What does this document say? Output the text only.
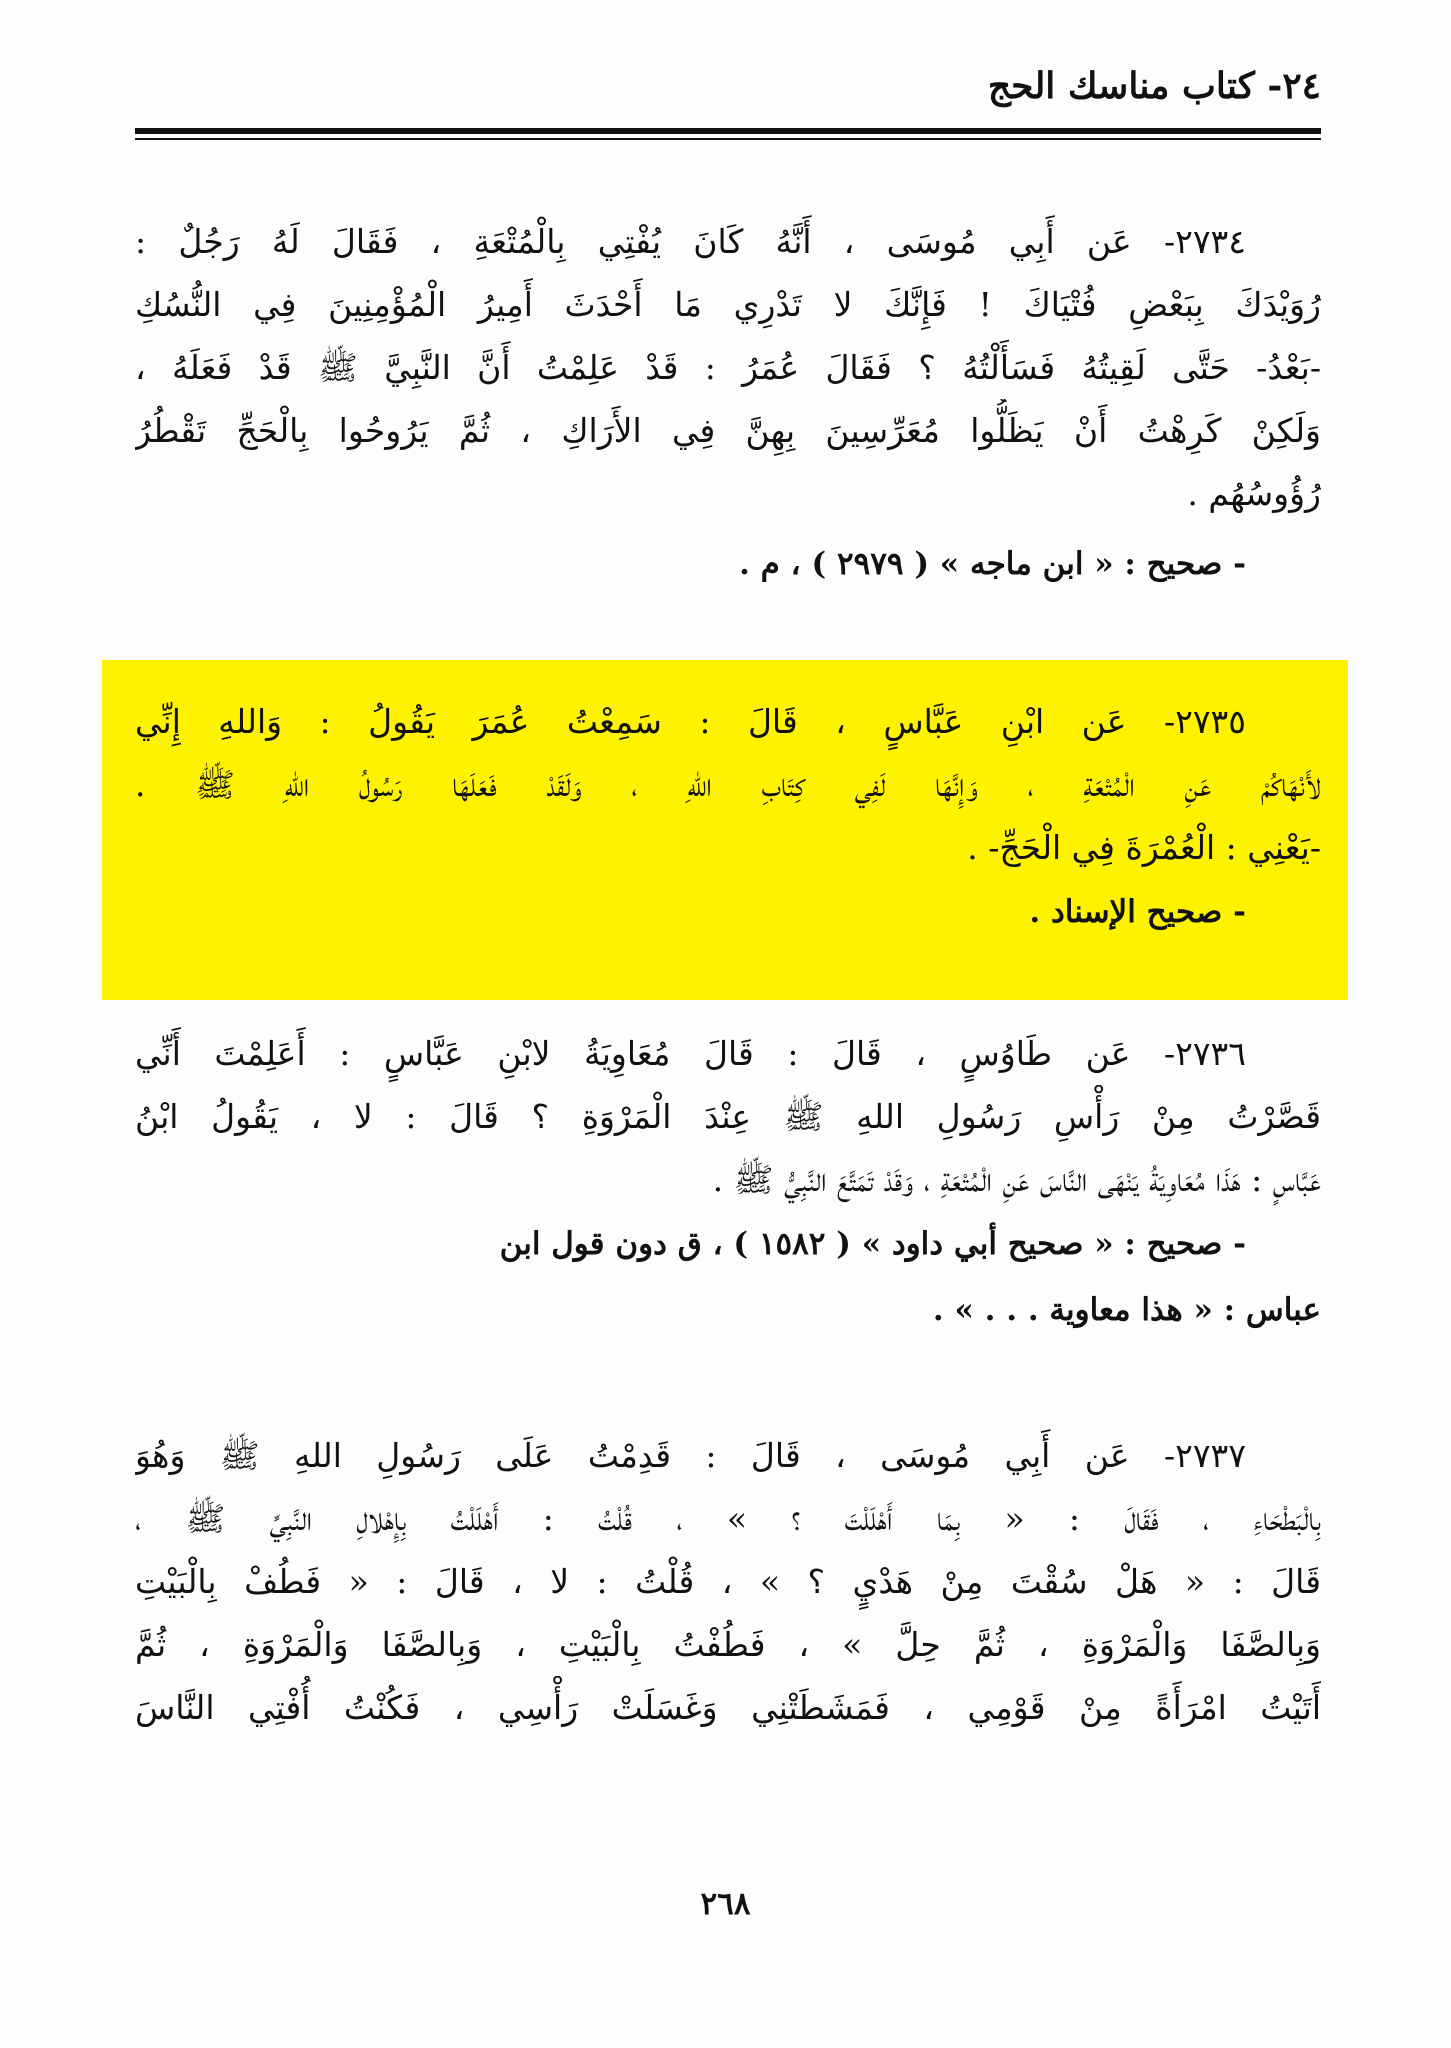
٢٤- كتاب مناسك الحج
٢٧٣٤- عَن أَبِي مُوسَى ، أَنَّهُ كَانَ يُفْتِي بِالْمُتْعَةِ ، فَقَالَ لَهُ رَجُلٌ :
رُوَيْدَكَ بِبَعْضِ فُتْيَاكَ ! فَإِنَّكَ لا تَدْرِي مَا أَحْدَثَ أَمِيرُ الْمُؤْمِنِينَ فِي النُّسُكِ
-بَعْدُ- حَتَّى لَقِيتُهُ فَسَأَلْتُهُ ؟ فَقَالَ عُمَرُ : قَدْ عَلِمْتُ أَنَّ النَّبِيَّ ﷺ قَدْ فَعَلَهُ ،
وَلَكِنْ كَرِهْتُ أَنْ يَظَلُّوا مُعَرِّسِينَ بِهِنَّ فِي الأَرَاكِ ، ثُمَّ يَرُوحُوا بِالْحَجِّ تَقْطُرُ
رُؤُوسُهُم .
- صحيح : « ابن ماجه » ( ٢٩٧٩ ) ، م .
٢٧٣٥- عَن ابْنِ عَبَّاسٍ ، قَالَ : سَمِعْتُ عُمَرَ يَقُولُ : وَاللهِ إِنِّي
لأَنْهَاكُمْ عَنِ الْمُتْعَةِ ، وَإِنَّهَا لَفِي كِتَابِ اللهِ ، وَلَقَدْ فَعَلَهَا رَسُولُ اللهِ ﷺ .
-يَعْنِي : الْعُمْرَةَ فِي الْحَجِّ- .
- صحيح الإسناد .
٢٧٣٦- عَن طَاوُسٍ ، قَالَ : قَالَ مُعَاوِيَةُ لابْنِ عَبَّاسٍ : أَعَلِمْتَ أَنِّي
قَصَّرْتُ مِنْ رَأْسِ رَسُولِ اللهِ ﷺ عِنْدَ الْمَرْوَةِ ؟ قَالَ : لا ، يَقُولُ ابْنُ
عَبَّاسٍ : هَذَا مُعَاوِيَةُ يَنْهَى النَّاسَ عَنِ الْمُتْعَةِ ، وَقَدْ تَمَتَّعَ النَّبِيُّ ﷺ .
- صحيح : « صحيح أبي داود » ( ١٥٨٢ ) ، ق دون قول ابن
عباس : « هذا معاوية . . . » .
٢٧٣٧- عَن أَبِي مُوسَى ، قَالَ : قَدِمْتُ عَلَى رَسُولِ اللهِ ﷺ وَهُوَ
بِالْبَطْحَاءِ ، فَقَالَ : « بِمَا أَهْلَلْتَ ؟ » ، قُلْتُ : أَهْلَلْتُ بِإِهْلالِ النَّبِيِّ ﷺ ،
قَالَ : « هَلْ سُقْتَ مِنْ هَدْيٍ ؟ » ، قُلْتُ : لا ، قَالَ : « فَطُفْ بِالْبَيْتِ
وَبِالصَّفَا وَالْمَرْوَةِ ، ثُمَّ حِلَّ » ، فَطُفْتُ بِالْبَيْتِ ، وَبِالصَّفَا وَالْمَرْوَةِ ، ثُمَّ
أَتَيْتُ امْرَأَةً مِنْ قَوْمِي ، فَمَشَطَتْنِي وَغَسَلَتْ رَأْسِي ، فَكُنْتُ أُفْتِي النَّاسَ
٢٦٨
